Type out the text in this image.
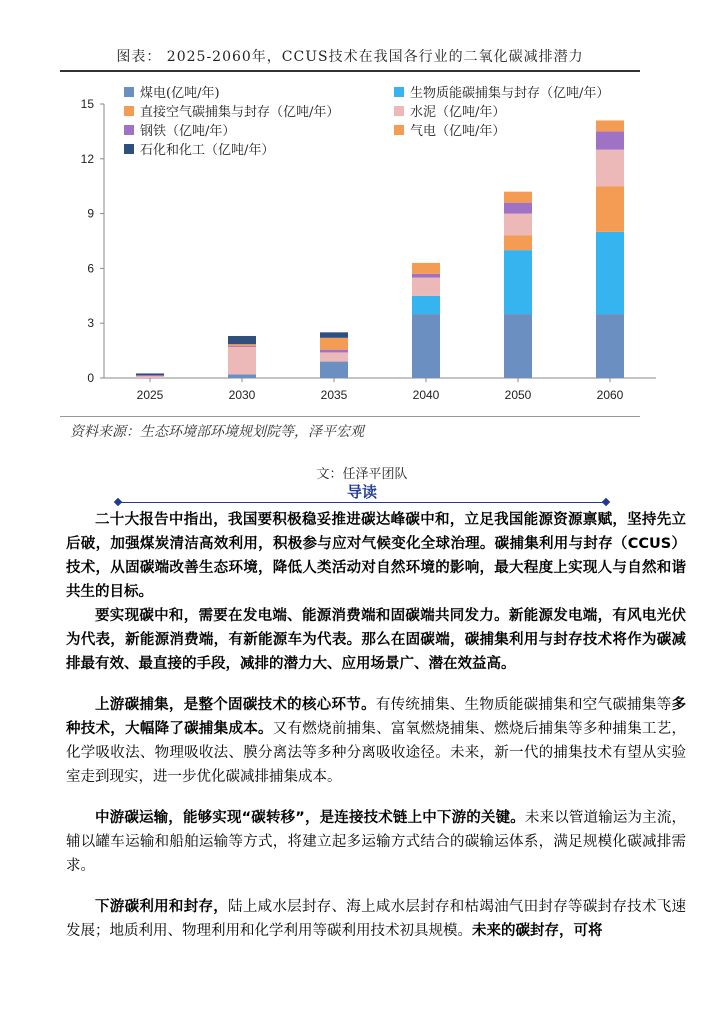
图表： 2025-2060年，CCUS技术在我国各行业的二氧化碳减排潜力
0
3
6
9
12
15
2025	2030	2035	2040	2050	2060
煤电(亿吨/年)
直接空气碳捕集与封存（亿吨/年）
钢铁（亿吨/年）
石化和化工（亿吨/年）
生物质能碳捕集与封存（亿吨/年）
水泥（亿吨/年）
气电（亿吨/年）
资料来源：生态环境部环境规划院等，泽平宏观
文：任泽平团队
导读
二十大报告中指出，我国要积极稳妥推进碳达峰碳中和，立足我国能源资源禀赋，坚持先立后破，加强煤炭清洁高效利用，积极参与应对气候变化全球治理。碳捕集利用与封存（CCUS）技术，从固碳端改善生态环境，降低人类活动对自然环境的影响，最大程度上实现人与自然和谐共生的目标。
要实现碳中和，需要在发电端、能源消费端和固碳端共同发力。新能源发电端，有风电光伏为代表，新能源消费端，有新能源车为代表。那么在固碳端，碳捕集利用与封存技术将作为碳减排最有效、最直接的手段，减排的潜力大、应用场景广、潜在效益高。
上游碳捕集，是整个固碳技术的核心环节。有传统捕集、生物质能碳捕集和空气碳捕集等多种技术，大幅降了碳捕集成本。又有燃烧前捕集、富氧燃烧捕集、燃烧后捕集等多种捕集工艺，化学吸收法、物理吸收法、膜分离法等多种分离吸收途径。未来，新一代的捕集技术有望从实验室走到现实，进一步优化碳减排捕集成本。
中游碳运输，能够实现“碳转移”，是连接技术链上中下游的关键。未来以管道输运为主流，辅以罐车运输和船舶运输等方式，将建立起多运输方式结合的碳输运体系，满足规模化碳减排需求。
下游碳利用和封存，陆上咸水层封存、海上咸水层封存和枯竭油气田封存等碳封存技术飞速发展；地质利用、物理利用和化学利用等碳利用技术初具规模。未来的碳封存，可将
